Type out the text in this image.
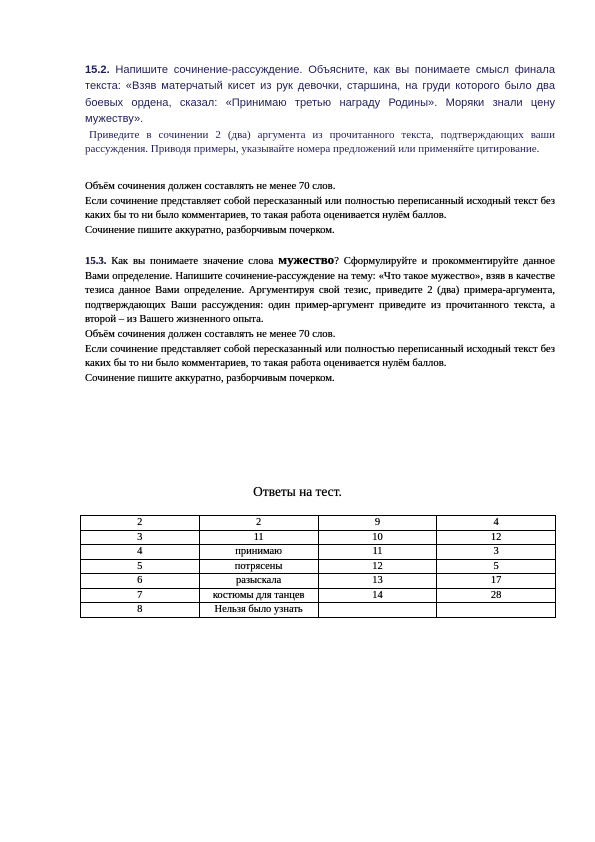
15.2. Напишите сочинение-рассуждение. Объясните, как вы понимаете смысл финала текста: «Взяв матерчатый кисет из рук девочки, старшина, на груди которого было два боевых ордена, сказал: «Принимаю третью награду Родины». Моряки знали цену мужеству».
Приведите в сочинении 2 (два) аргумента из прочитанного текста, подтверждающих ваши рассуждения. Приводя примеры, указывайте номера предложений или применяйте цитирование.
Объём сочинения должен составлять не менее 70 слов.
Если сочинение представляет собой пересказанный или полностью переписанный исходный текст без каких бы то ни было комментариев, то такая работа оценивается нулём баллов.
Сочинение пишите аккуратно, разборчивым почерком.

15.3. Как вы понимаете значение слова мужество? Сформулируйте и прокомментируйте данное Вами определение. Напишите сочинение-рассуждение на тему: «Что такое мужество», взяв в качестве тезиса данное Вами определение. Аргументируя свой тезис, приведите 2 (два) примера-аргумента, подтверждающих Ваши рассуждения: один пример-аргумент приведите из прочитанного текста, а второй – из Вашего жизненного опыта.

Объём сочинения должен составлять не менее 70 слов.

Если сочинение представляет собой пересказанный или полностью переписанный исходный текст без каких бы то ни было комментариев, то такая работа оценивается нулём баллов.

Сочинение пишите аккуратно, разборчивым почерком.

Ответы на тест.
2	2	9	4
3	11	10	12
4	принимаю	11	3
5	потрясены	12	5
6	разыскала	13	17
7	костюмы для танцев	14	28
8	Нельзя было узнать		
